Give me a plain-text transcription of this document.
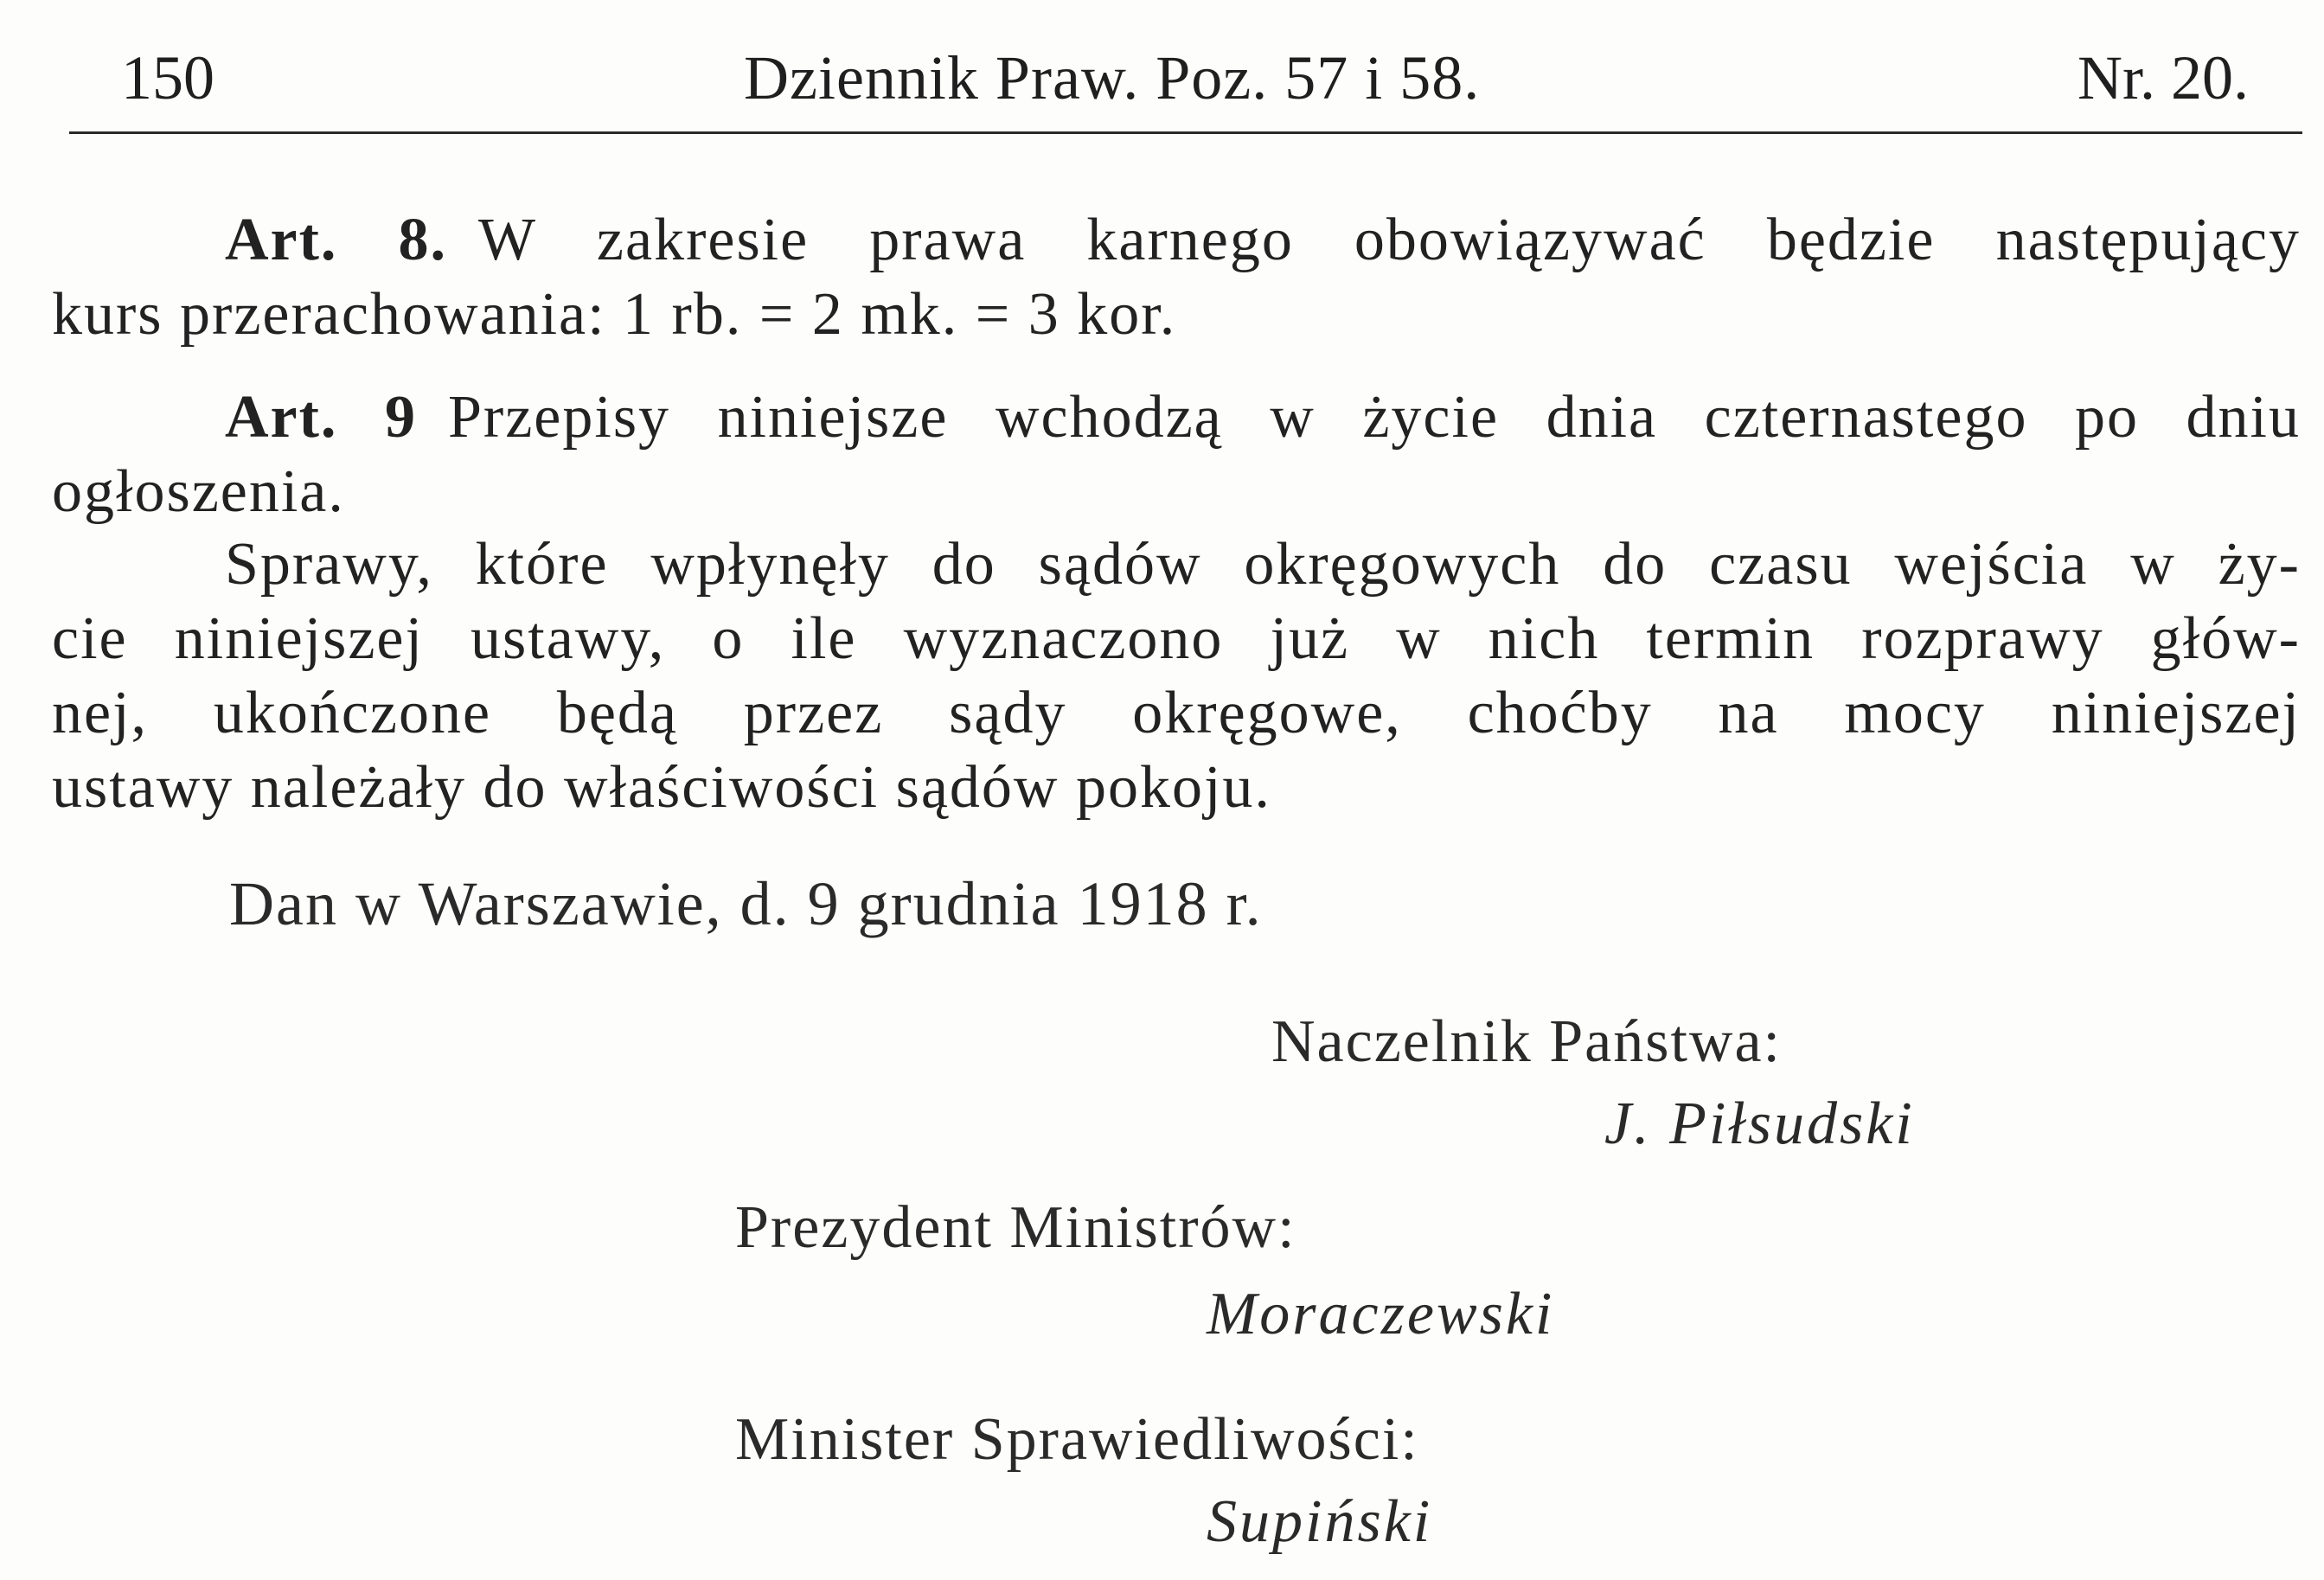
150	Dziennik Praw. Poz. 57 i 58.	Nr. 20.
Art. 8. W zakresie prawa karnego obowiązywać będzie następujący
kurs przerachowania: 1 rb. = 2 mk. = 3 kor.
Art. 9 Przepisy niniejsze wchodzą w życie dnia czternastego po dniu
ogłoszenia.
Sprawy, które wpłynęły do sądów okręgowych do czasu wejścia w ży-
cie niniejszej ustawy, o ile wyznaczono już w nich termin rozprawy głów-
nej, ukończone będą przez sądy okręgowe, choćby na mocy niniejszej
ustawy należały do właściwości sądów pokoju.
Dan w Warszawie, d. 9 grudnia 1918 r.
Naczelnik Państwa:
J. Piłsudski
Prezydent Ministrów:
Moraczewski
Minister Sprawiedliwości:
Supiński
